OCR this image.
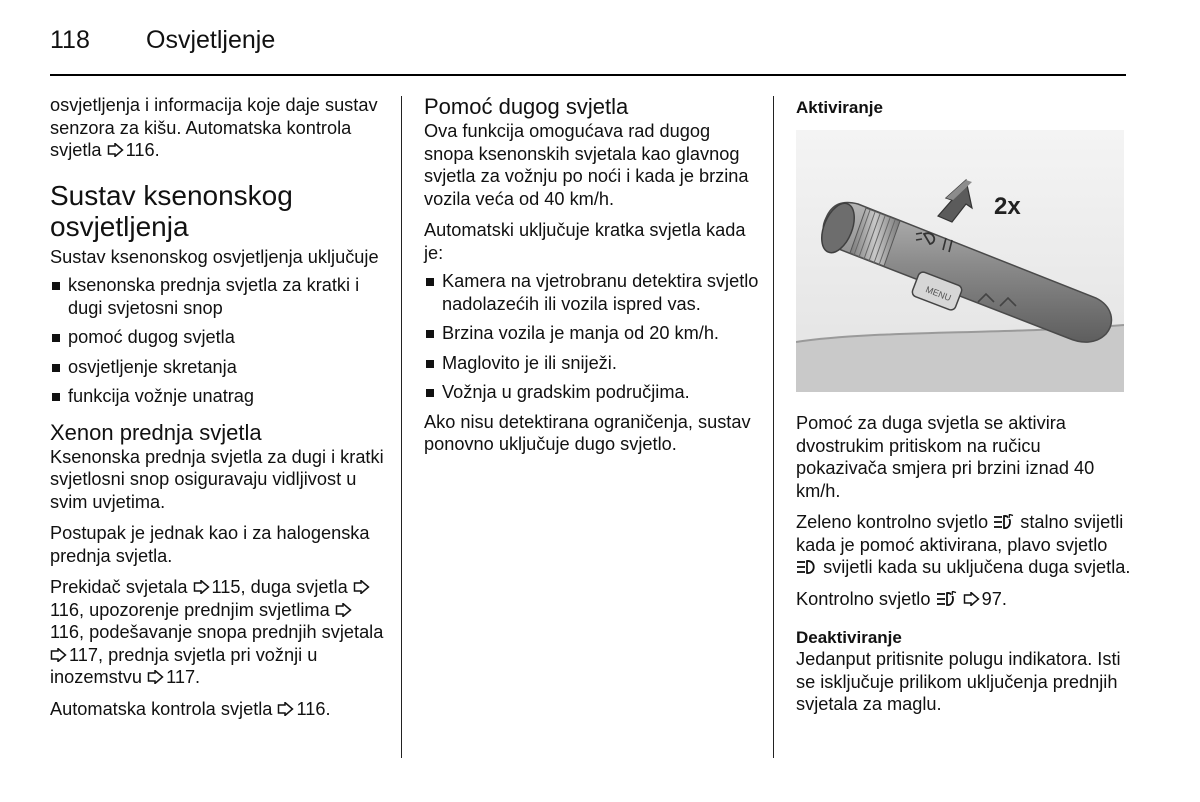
118 Osvjetljenje

osvjetljenja i informacija koje daje sustav senzora za kišu. Automatska kontrola svjetla 116.

Sustav ksenonskog osvjetljenja

Sustav ksenonskog osvjetljenja uključuje

ksenonska prednja svjetla za kratki i dugi svjetosni snop
pomoć dugog svjetla
osvjetljenje skretanja
funkcija vožnje unatrag
Xenon prednja svjetla

Ksenonska prednja svjetla za dugi i kratki svjetlosni snop osiguravaju vidljivost u svim uvjetima.

Postupak je jednak kao i za halogenska prednja svjetla.

Prekidač svjetala 115, duga svjetla 116, upozorenje prednjim svjetlima 116, podešavanje snopa prednjih svjetala 117, prednja svjetla pri vožnji u inozemstvu 117.

Automatska kontrola svjetla 116.

Pomoć dugog svjetla

Ova funkcija omogućava rad dugog snopa ksenonskih svjetala kao glavnog svjetla za vožnju po noći i kada je brzina vozila veća od 40 km/h.

Automatski uključuje kratka svjetla kada je:

Kamera na vjetrobranu detektira svjetlo nadolazećih ili vozila ispred vas.
Brzina vozila je manja od 20 km/h.
Maglovito je ili sniježi.
Vožnja u gradskim područjima.

Ako nisu detektirana ograničenja, sustav ponovno uključuje dugo svjetlo.

Aktiviranje
MENU
2x

Pomoć za duga svjetla se aktivira dvostrukim pritiskom na ručicu pokazivača smjera pri brzini iznad 40 km/h.

Zeleno kontrolno svjetlo stalno svijetli kada je pomoć aktivirana, plavo svjetlo  svijetli kada su uključena duga svjetla.

Kontrolno svjetlo	97.

Deaktiviranje

Jedanput pritisnite polugu indikatora. Isti se isključuje prilikom uključenja prednjih svjetala za maglu.
